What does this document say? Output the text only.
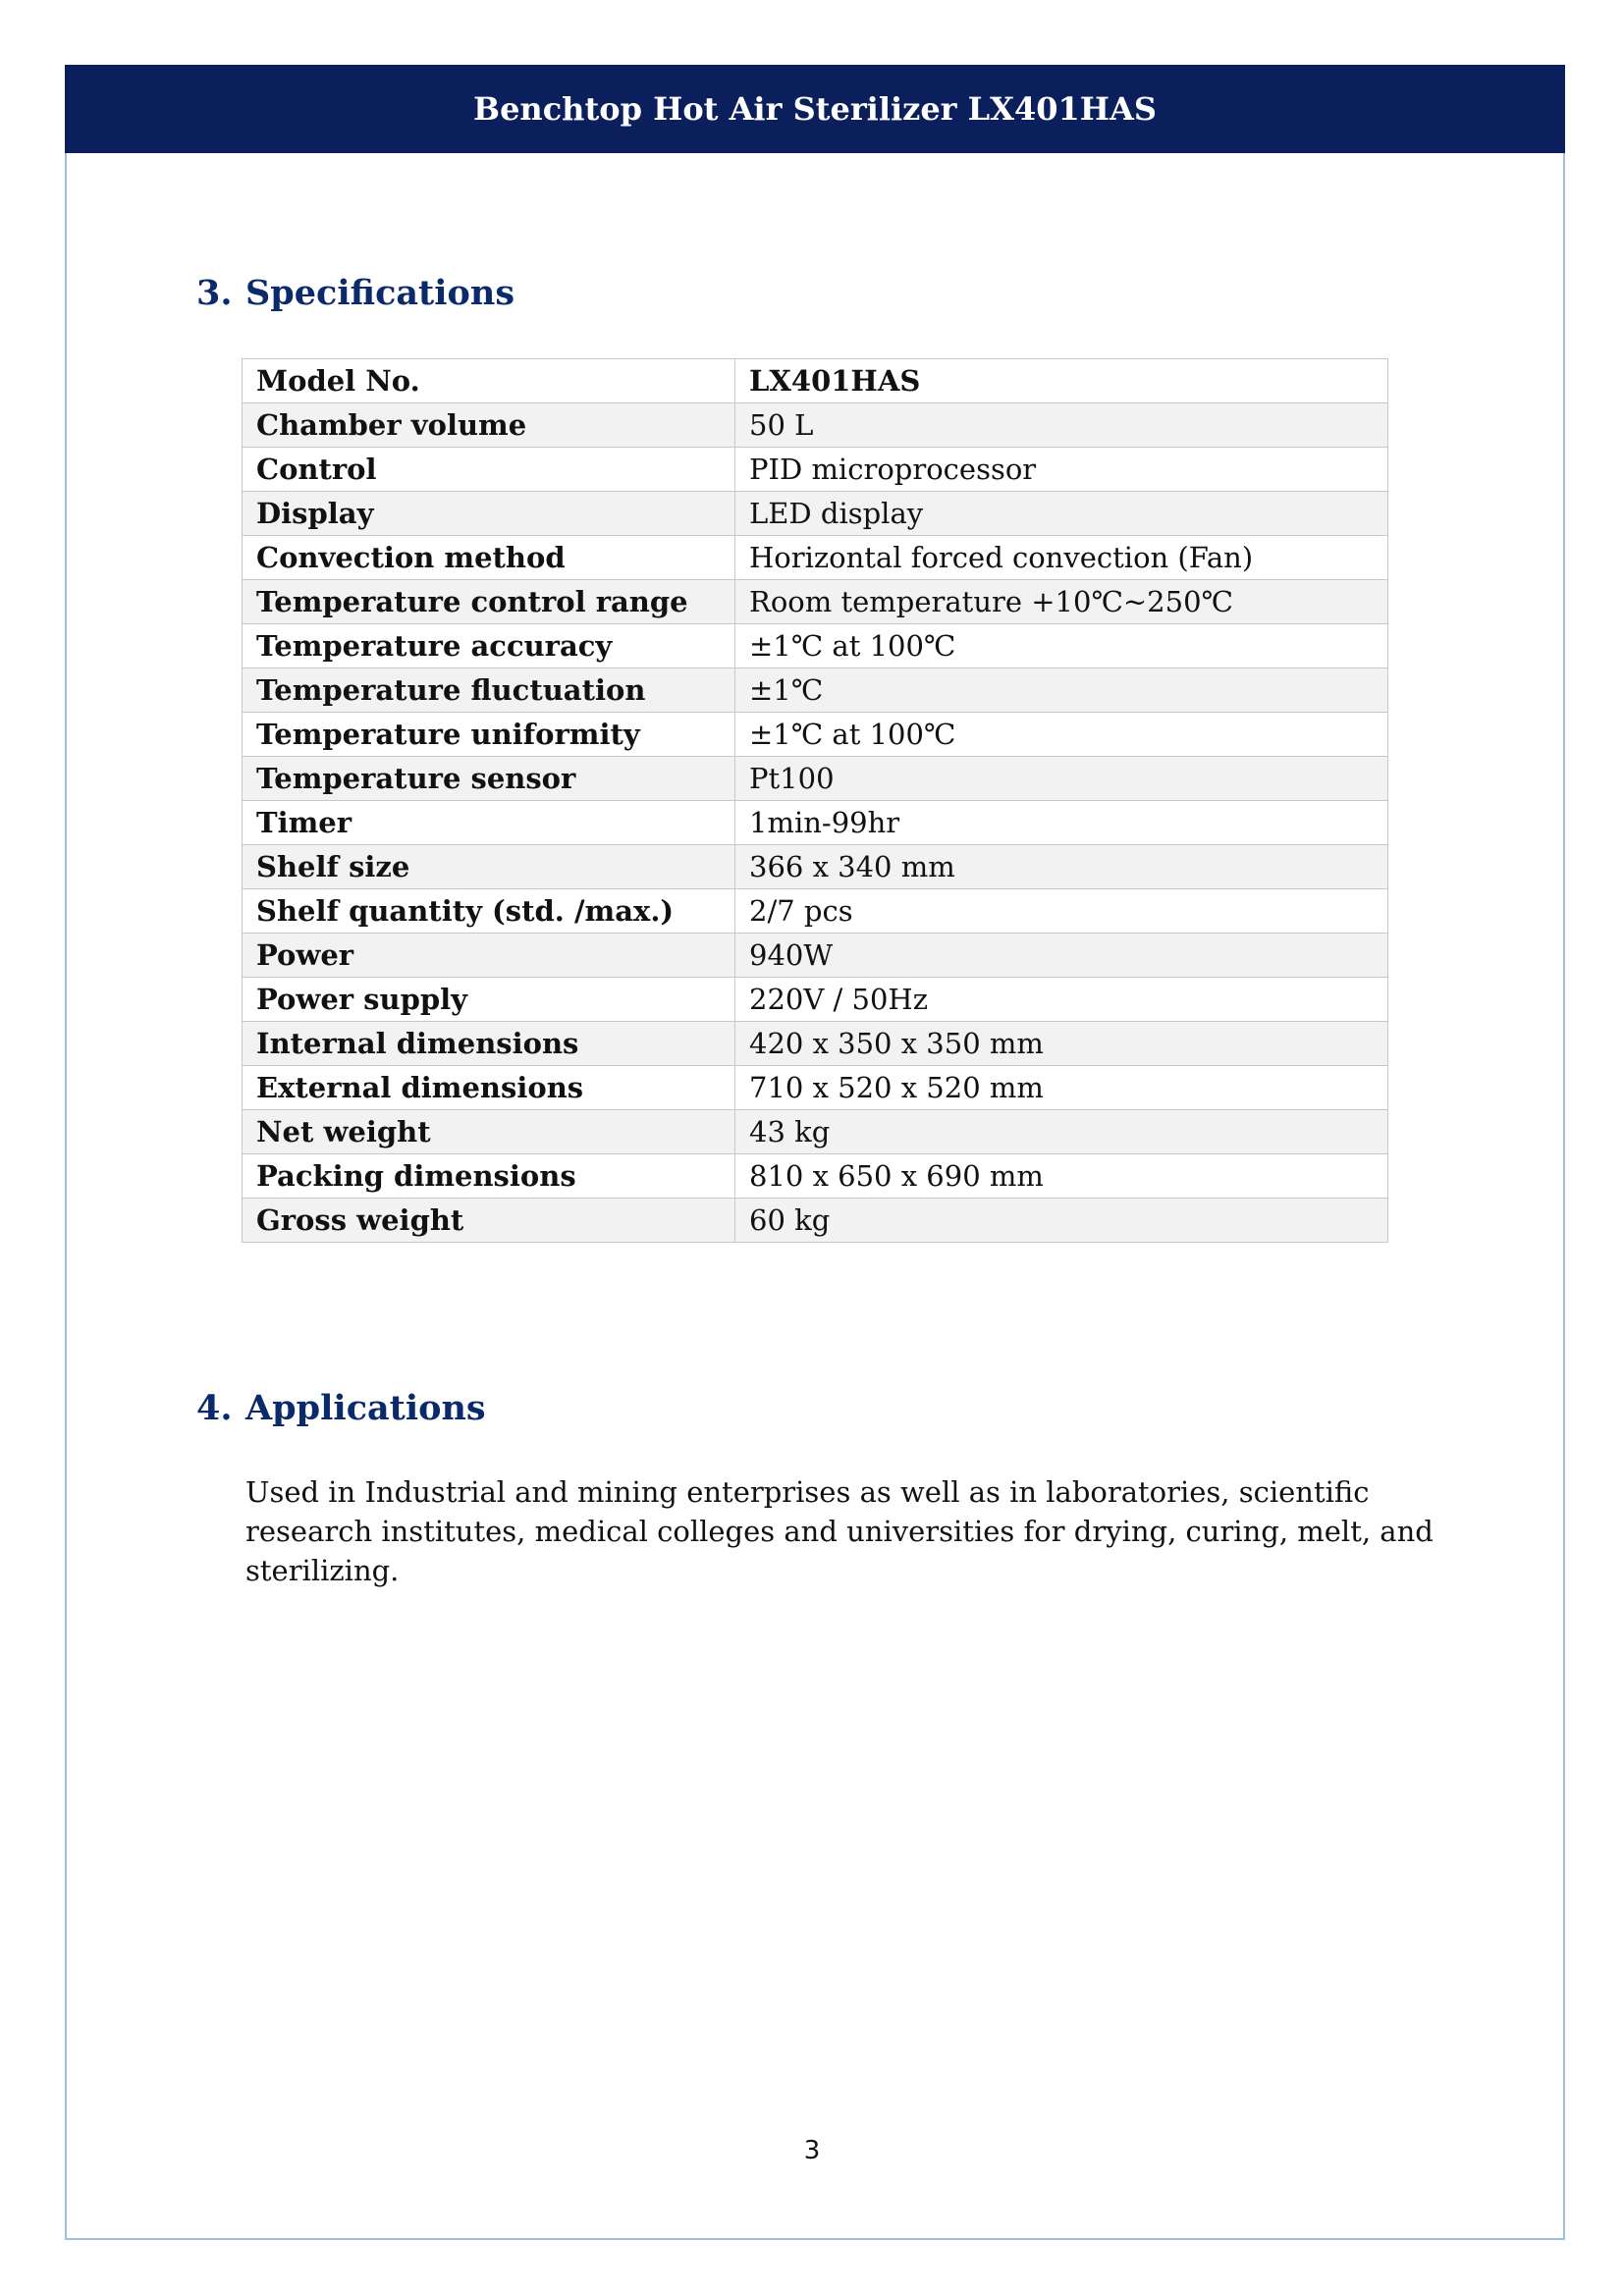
Benchtop Hot Air Sterilizer LX401HAS
3. Specifications
Model No.	LX401HAS
Chamber volume	50 L
Control	PID microprocessor
Display	LED display
Convection method	Horizontal forced convection (Fan)
Temperature control range	Room temperature +10℃~250℃
Temperature accuracy	±1℃ at 100℃
Temperature fluctuation	±1℃
Temperature uniformity	±1℃ at 100℃
Temperature sensor	Pt100
Timer	1min-99hr
Shelf size	366 x 340 mm
Shelf quantity (std. /max.)	2/7 pcs
Power	940W
Power supply	220V / 50Hz
Internal dimensions	420 x 350 x 350 mm
External dimensions	710 x 520 x 520 mm
Net weight	43 kg
Packing dimensions	810 x 650 x 690 mm
Gross weight	60 kg
4. Applications
Used in Industrial and mining enterprises as well as in laboratories, scientific research institutes, medical colleges and universities for drying, curing, melt, and sterilizing.
3
